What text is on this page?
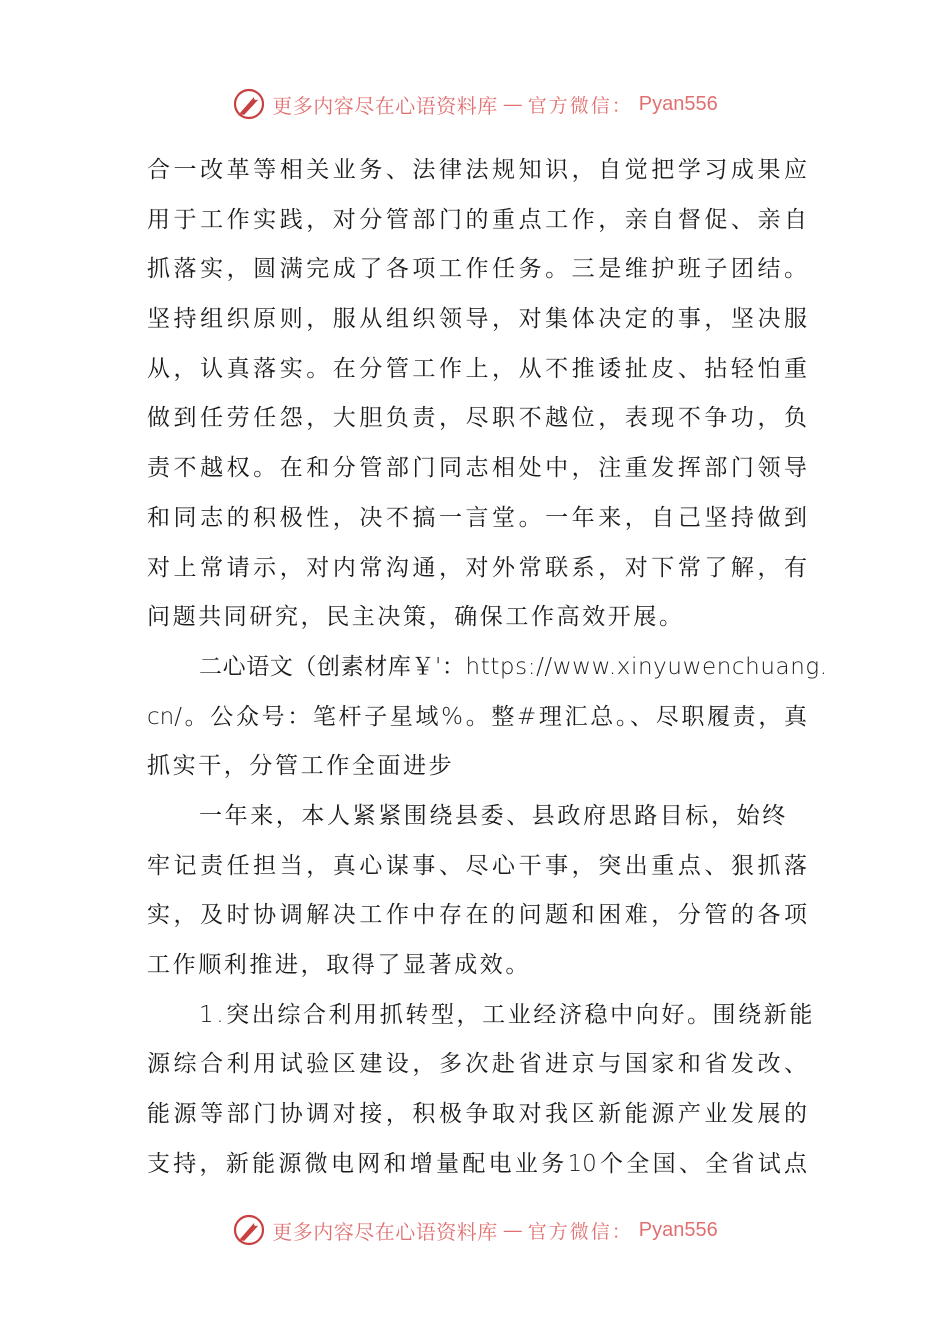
更多内容尽在心语资料库 — 官方微信： Pyan556
合一改革等相关业务、法律法规知识，自觉把学习成果应
用于工作实践，对分管部门的重点工作，亲自督促、亲自
抓落实，圆满完成了各项工作任务。三是维护班子团结。
坚持组织原则，服从组织领导，对集体决定的事，坚决服
从，认真落实。在分管工作上，从不推诿扯皮、拈轻怕重
做到任劳任怨，大胆负责，尽职不越位，表现不争功，负
责不越权。在和分管部门同志相处中，注重发挥部门领导
和同志的积极性，决不搞一言堂。一年来，自己坚持做到
对上常请示，对内常沟通，对外常联系，对下常了解，有
问题共同研究，民主决策，确保工作高效开展。
二心语文（创素材库￥'：https://www.xinyuwenchuang.
cn/。公众号：笔杆子星域%。整#理汇总。、尽职履责，真
抓实干，分管工作全面进步
一年来，本人紧紧围绕县委、县政府思路目标，始终
牢记责任担当，真心谋事、尽心干事，突出重点、狠抓落
实，及时协调解决工作中存在的问题和困难，分管的各项
工作顺利推进，取得了显著成效。
1.突出综合利用抓转型，工业经济稳中向好。围绕新能
源综合利用试验区建设，多次赴省进京与国家和省发改、
能源等部门协调对接，积极争取对我区新能源产业发展的
支持，新能源微电网和增量配电业务10个全国、全省试点
更多内容尽在心语资料库 — 官方微信： Pyan556
